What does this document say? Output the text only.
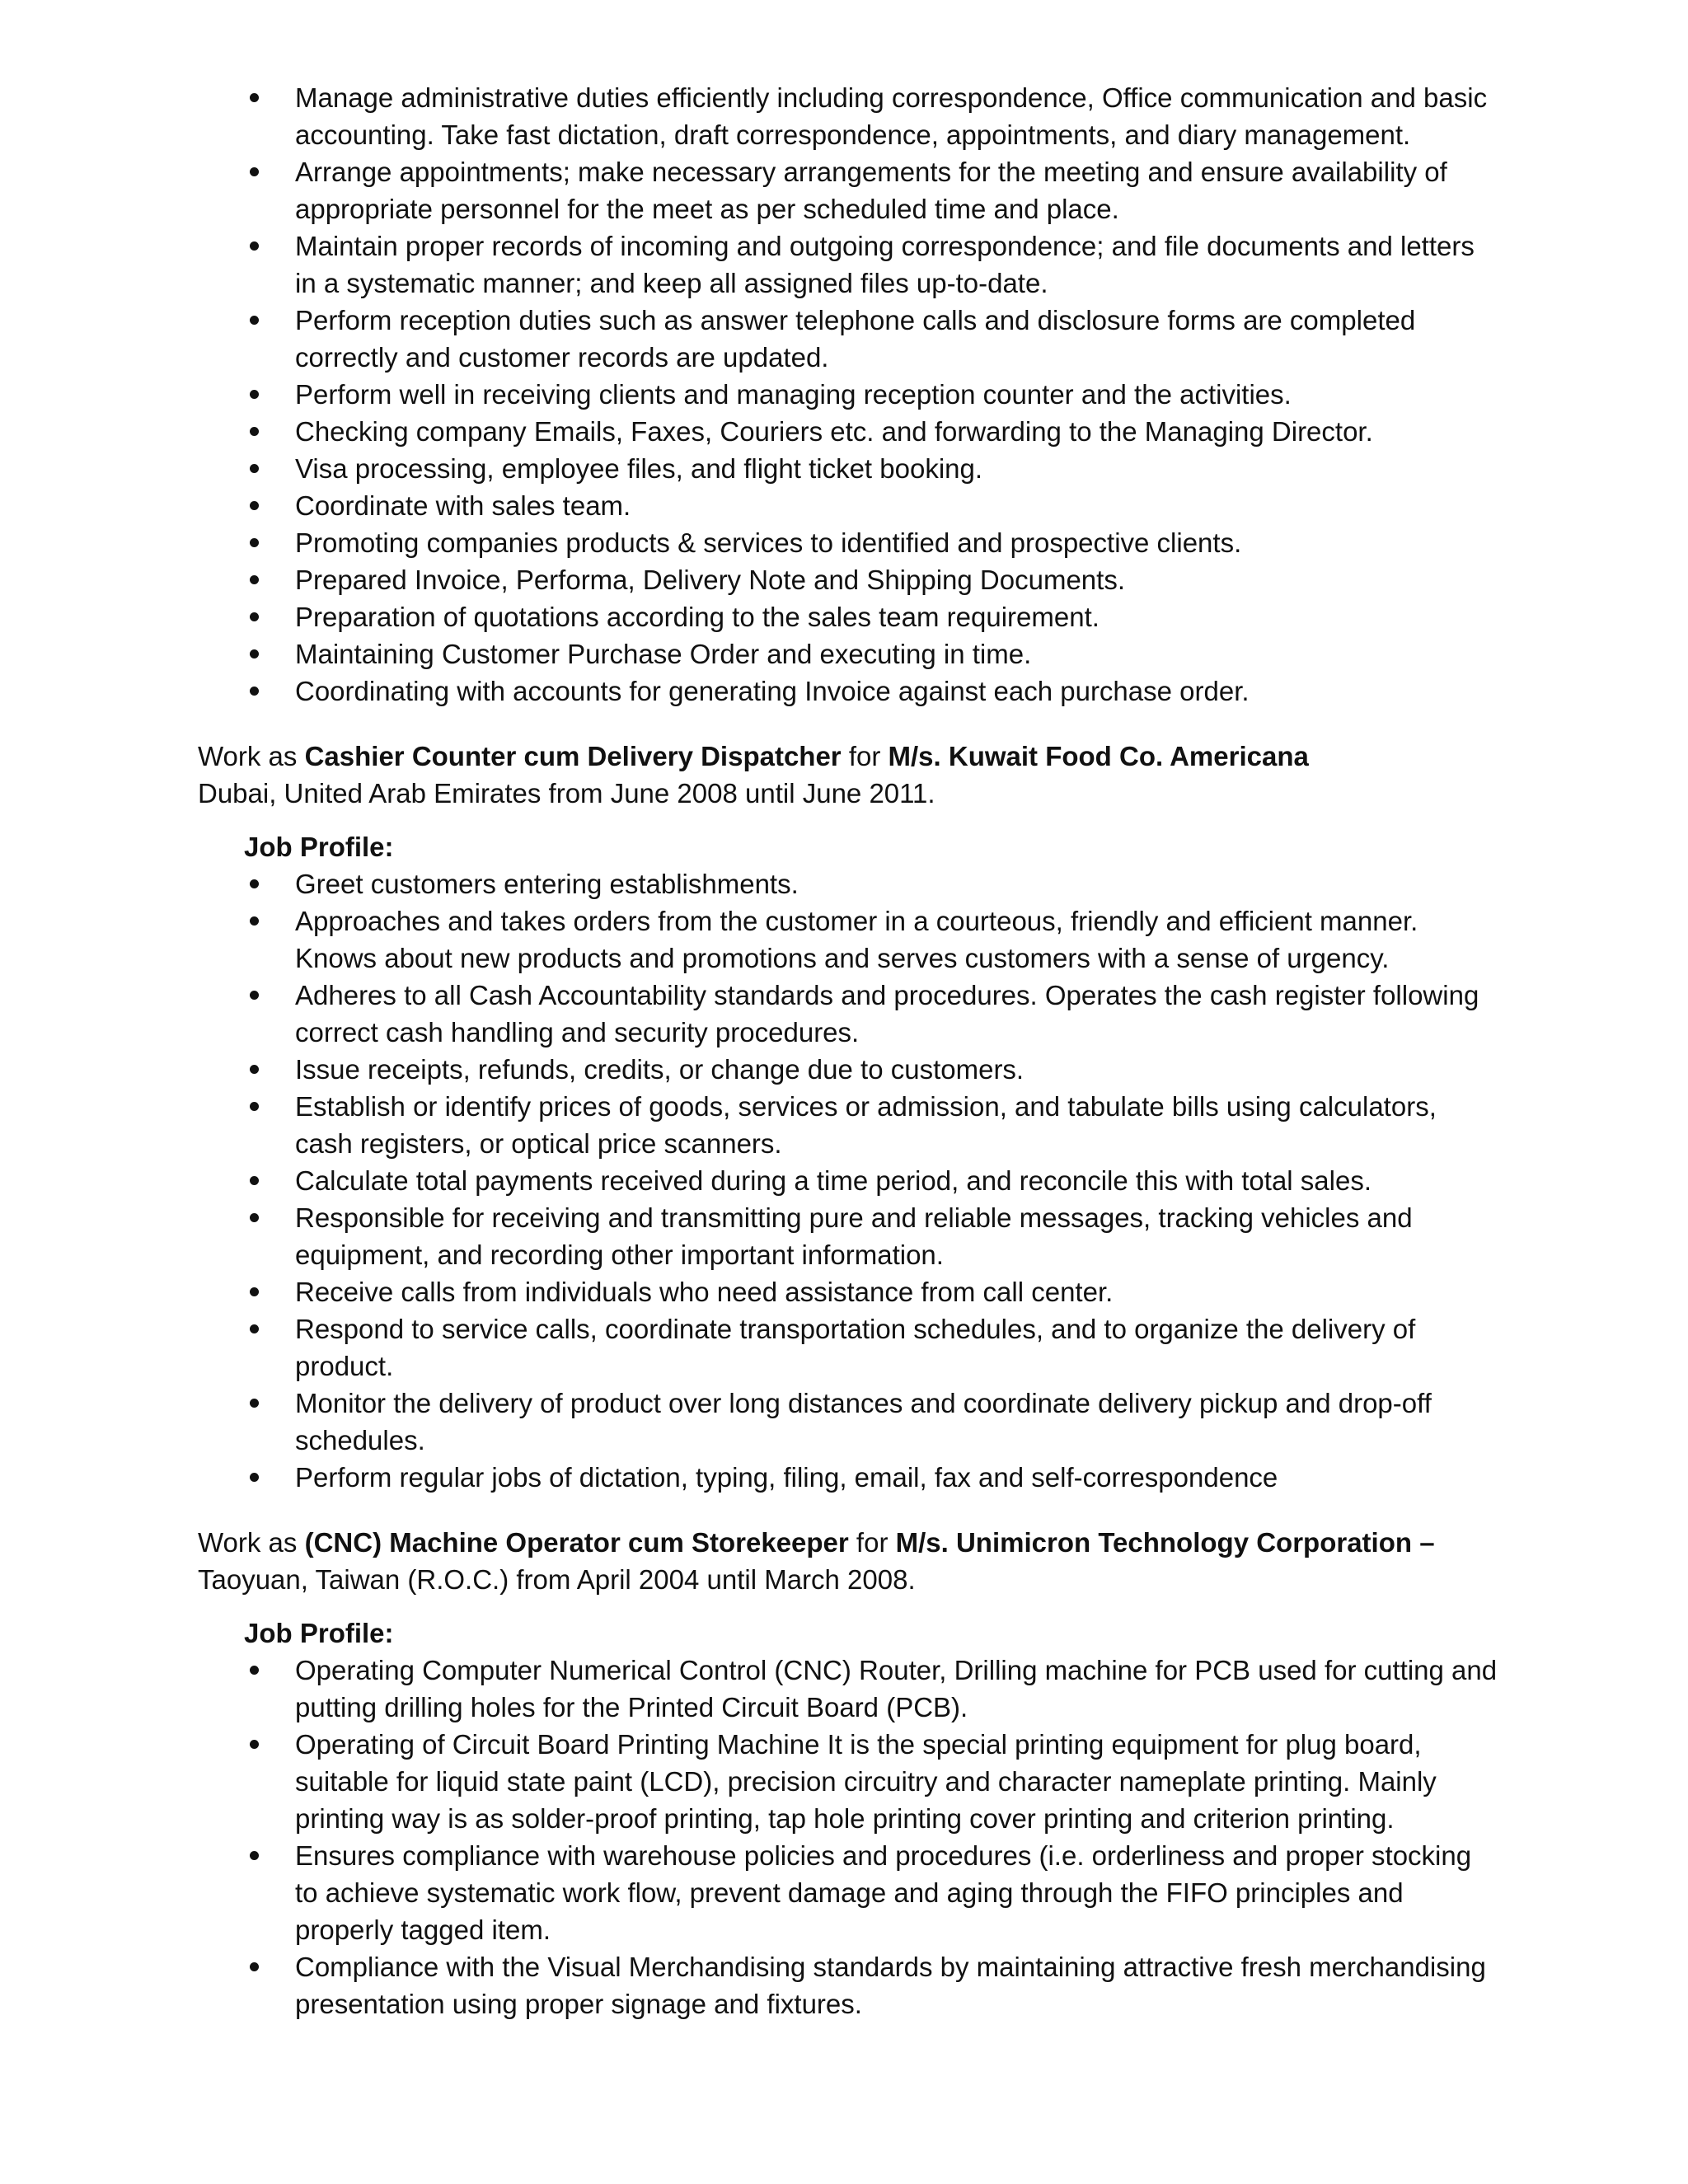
Manage administrative duties efficiently including correspondence, Office communication and basic accounting. Take fast dictation, draft correspondence, appointments, and diary management.
Arrange appointments; make necessary arrangements for the meeting and ensure availability of appropriate personnel for the meet as per scheduled time and place.
Maintain proper records of incoming and outgoing correspondence; and file documents and letters in a systematic manner; and keep all assigned files up-to-date.
Perform reception duties such as answer telephone calls and disclosure forms are completed correctly and customer records are updated.
Perform well in receiving clients and managing reception counter and the activities.
Checking company Emails, Faxes, Couriers etc. and forwarding to the Managing Director.
Visa processing, employee files, and flight ticket booking.
Coordinate with sales team.
Promoting companies products & services to identified and prospective clients.
Prepared Invoice, Performa, Delivery Note and Shipping Documents.
Preparation of quotations according to the sales team requirement.
Maintaining Customer Purchase Order and executing in time.
Coordinating with accounts for generating Invoice against each purchase order.
Work as Cashier Counter cum Delivery Dispatcher for M/s. Kuwait Food Co. Americana
Dubai, United Arab Emirates from June 2008 until June 2011.
Job Profile:
Greet customers entering establishments.
Approaches and takes orders from the customer in a courteous, friendly and efficient manner. Knows about new products and promotions and serves customers with a sense of urgency.
Adheres to all Cash Accountability standards and procedures. Operates the cash register following correct cash handling and security procedures.
Issue receipts, refunds, credits, or change due to customers.
Establish or identify prices of goods, services or admission, and tabulate bills using calculators, cash registers, or optical price scanners.
Calculate total payments received during a time period, and reconcile this with total sales.
Responsible for receiving and transmitting pure and reliable messages, tracking vehicles and equipment, and recording other important information.
Receive calls from individuals who need assistance from call center.
Respond to service calls, coordinate transportation schedules, and to organize the delivery of product.
Monitor the delivery of product over long distances and coordinate delivery pickup and drop-off schedules.
Perform regular jobs of dictation, typing, filing, email, fax and self-correspondence
Work as (CNC) Machine Operator cum Storekeeper for M/s. Unimicron Technology Corporation –
Taoyuan, Taiwan (R.O.C.) from April 2004 until March 2008.
Job Profile:
Operating Computer Numerical Control (CNC) Router, Drilling machine for PCB used for cutting and putting drilling holes for the Printed Circuit Board (PCB).
Operating of Circuit Board Printing Machine It is the special printing equipment for plug board, suitable for liquid state paint (LCD), precision circuitry and character nameplate printing. Mainly printing way is as solder-proof printing, tap hole printing cover printing and criterion printing.
Ensures compliance with warehouse policies and procedures (i.e. orderliness and proper stocking to achieve systematic work flow, prevent damage and aging through the FIFO principles and properly tagged item.
Compliance with the Visual Merchandising standards by maintaining attractive fresh merchandising presentation using proper signage and fixtures.
